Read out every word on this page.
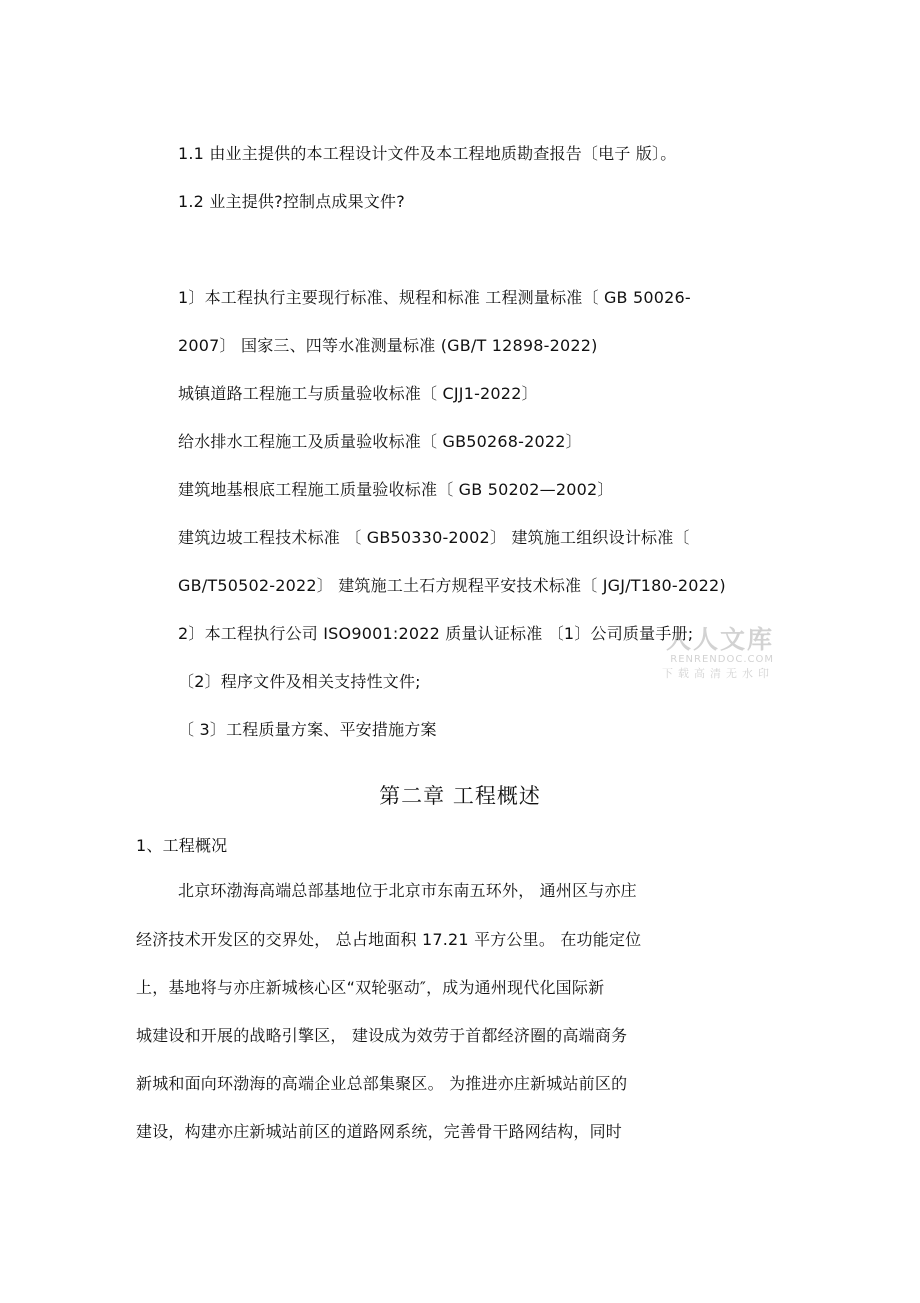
1.1 由业主提供的本工程设计文件及本工程地质勘查报告〔电子 版〕。
1.2 业主提供?控制点成果文件?
1〕本工程执行主要现行标准、规程和标准 工程测量标准〔 GB 50026-
2007〕 国家三、四等水准测量标准 (GB/T 12898-2022)
城镇道路工程施工与质量验收标准〔 CJJ1-2022〕
给水排水工程施工及质量验收标准〔 GB50268-2022〕
建筑地基根底工程施工质量验收标准〔 GB 50202—2002〕
建筑边坡工程技术标准 〔 GB50330-2002〕 建筑施工组织设计标准〔
GB/T50502-2022〕 建筑施工土石方规程平安技术标准〔 JGJ/T180-2022)
2〕本工程执行公司 ISO9001:2022 质量认证标准 〔1〕公司质量手册;
〔2〕程序文件及相关支持性文件;
〔 3〕工程质量方案、平安措施方案
第二章 工程概述
1、工程概况
北京环渤海高端总部基地位于北京市东南五环外， 通州区与亦庄
经济技术开发区的交界处， 总占地面积 17.21 平方公里。 在功能定位
上，基地将与亦庄新城核心区“双轮驱动″，成为通州现代化国际新
城建设和开展的战略引擎区， 建设成为效劳于首都经济圈的高端商务
新城和面向环渤海的高端企业总部集聚区。 为推进亦庄新城站前区的
建设，构建亦庄新城站前区的道路网系统，完善骨干路网结构，同时
人人文库
RENRENDOC.COM
下载高清无水印
